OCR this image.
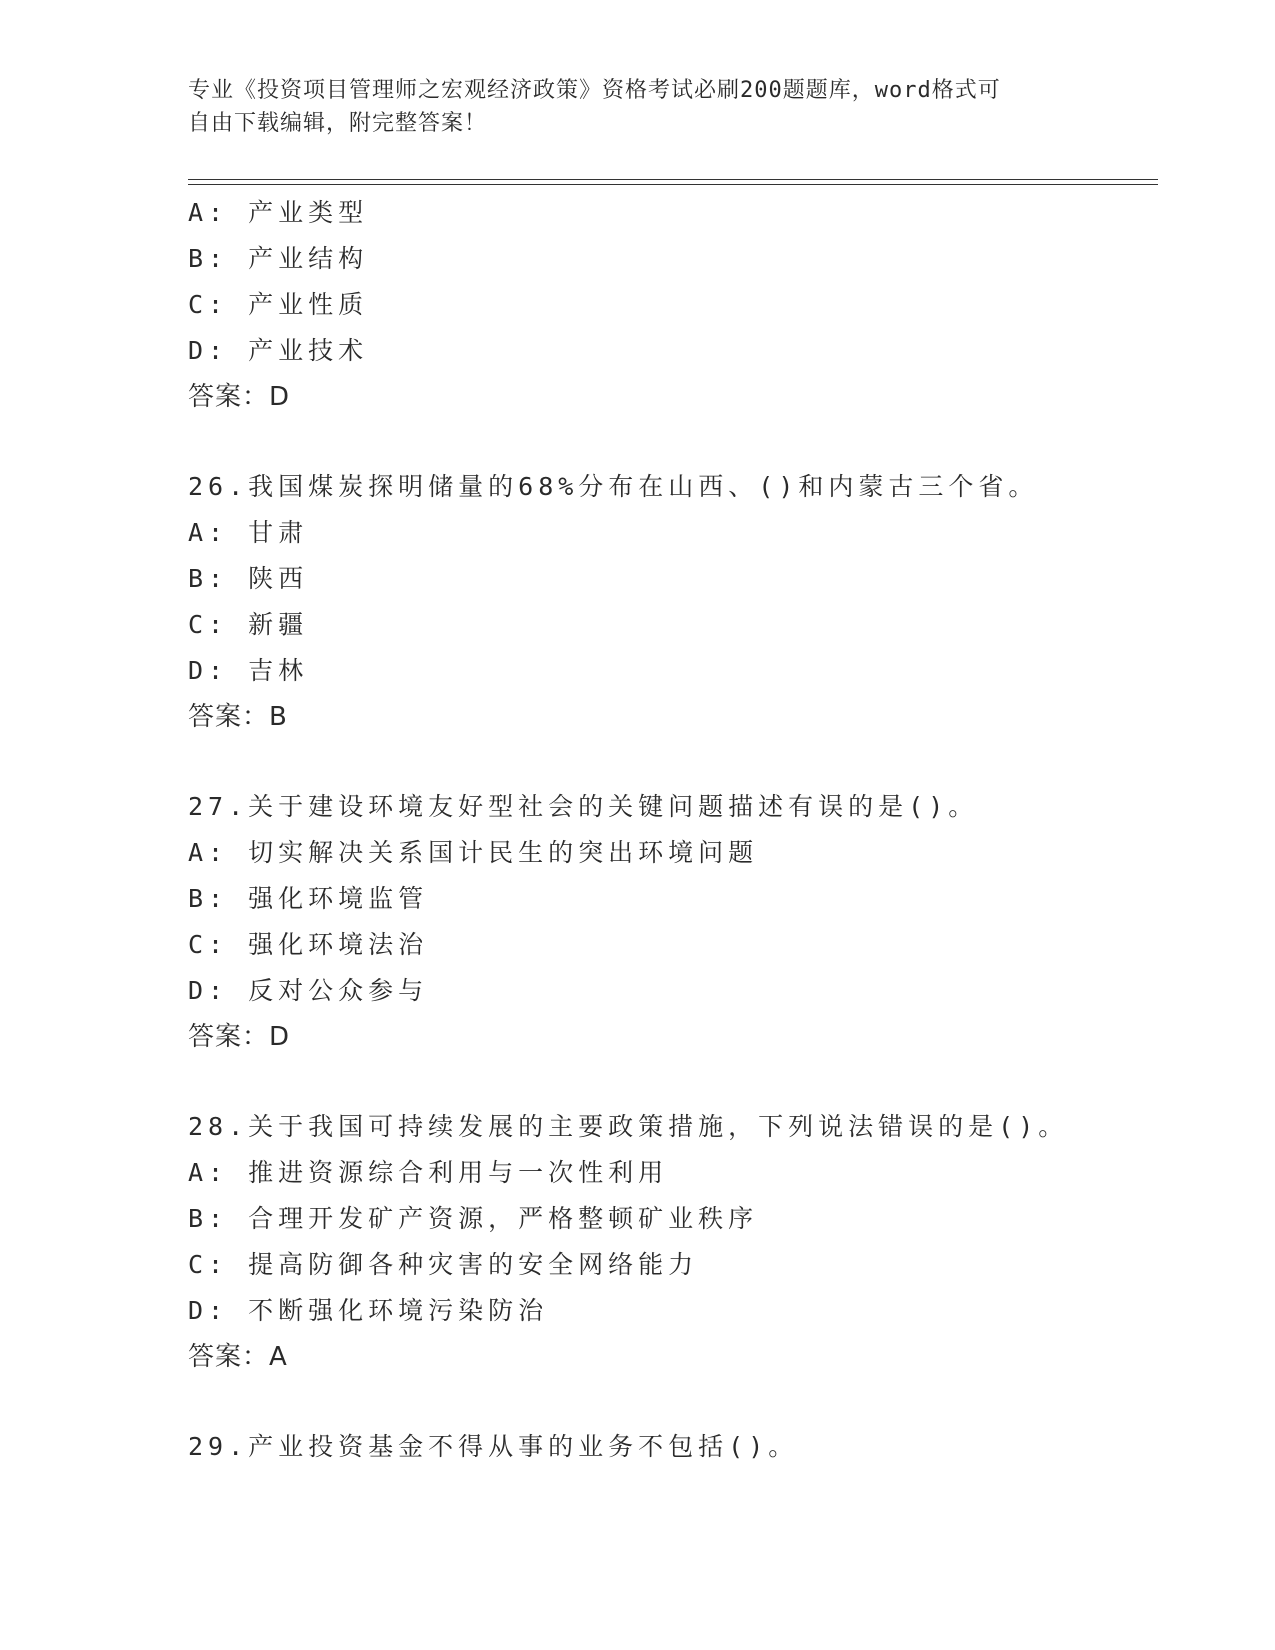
专业《投资项目管理师之宏观经济政策》资格考试必刷200题题库，word格式可
自由下载编辑，附完整答案！
A: 产业类型
B: 产业结构
C: 产业性质
D: 产业技术
答案：D
26.我国煤炭探明储量的68%分布在山西、()和内蒙古三个省。
A: 甘肃
B: 陕西
C: 新疆
D: 吉林
答案：B
27.关于建设环境友好型社会的关键问题描述有误的是()。
A: 切实解决关系国计民生的突出环境问题
B: 强化环境监管
C: 强化环境法治
D: 反对公众参与
答案：D
28.关于我国可持续发展的主要政策措施，下列说法错误的是()。
A: 推进资源综合利用与一次性利用
B: 合理开发矿产资源，严格整顿矿业秩序
C: 提高防御各种灾害的安全网络能力
D: 不断强化环境污染防治
答案：A
29.产业投资基金不得从事的业务不包括()。
